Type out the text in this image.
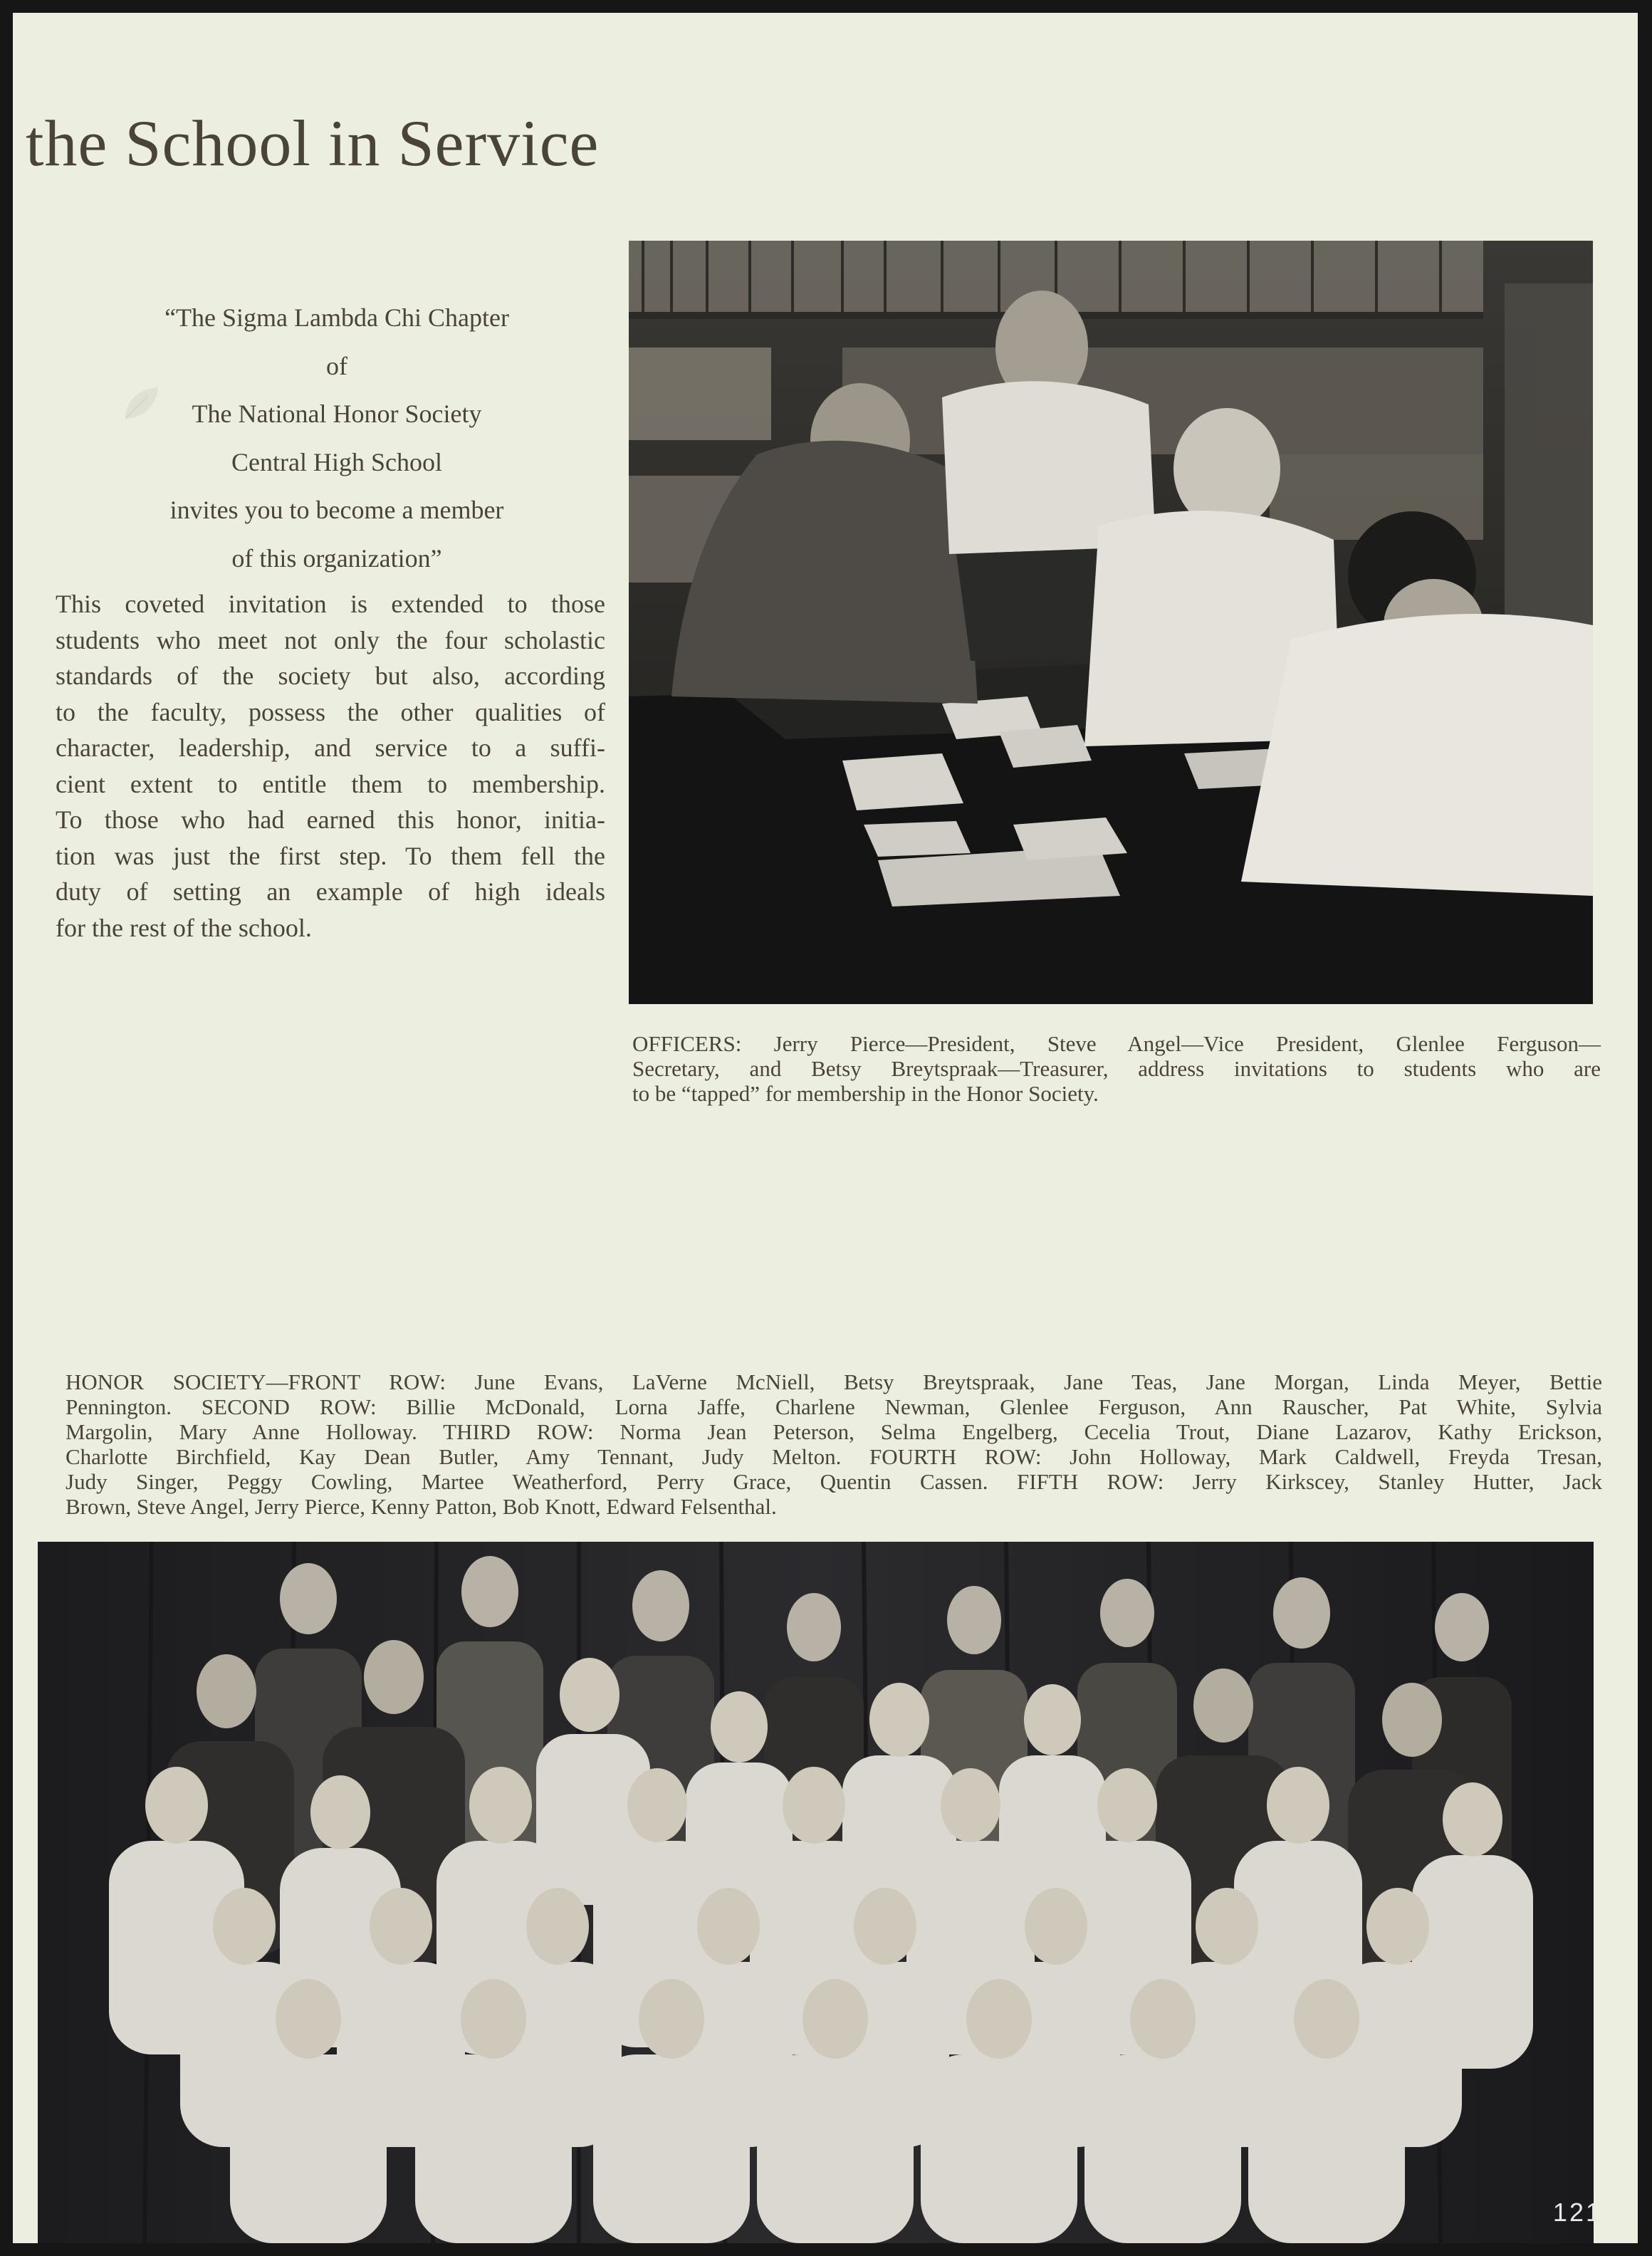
the School in Service
“The Sigma Lambda Chi Chapter
of
The National Honor Society
Central High School
invites you to become a member
of this organization”
This coveted invitation is extended to those
students who meet not only the four scholastic
standards of the society but also, according
to the faculty, possess the other qualities of
character, leadership, and service to a suffi-
cient extent to entitle them to membership.
To those who had earned this honor, initia-
tion was just the first step. To them fell the
duty of setting an example of high ideals
for the rest of the school.
OFFICERS: Jerry Pierce—President, Steve Angel—Vice President, Glenlee Ferguson—
Secretary, and Betsy Breytspraak—Treasurer, address invitations to students who are
to be “tapped” for membership in the Honor Society.
HONOR SOCIETY—FRONT ROW: June Evans, LaVerne McNiell, Betsy Breytspraak, Jane Teas, Jane Morgan, Linda Meyer, Bettie
Pennington. SECOND ROW: Billie McDonald, Lorna Jaffe, Charlene Newman, Glenlee Ferguson, Ann Rauscher, Pat White, Sylvia
Margolin, Mary Anne Holloway. THIRD ROW: Norma Jean Peterson, Selma Engelberg, Cecelia Trout, Diane Lazarov, Kathy Erickson,
Charlotte Birchfield, Kay Dean Butler, Amy Tennant, Judy Melton. FOURTH ROW: John Holloway, Mark Caldwell, Freyda Tresan,
Judy Singer, Peggy Cowling, Martee Weatherford, Perry Grace, Quentin Cassen. FIFTH ROW: Jerry Kirkscey, Stanley Hutter, Jack
Brown, Steve Angel, Jerry Pierce, Kenny Patton, Bob Knott, Edward Felsenthal.
121
